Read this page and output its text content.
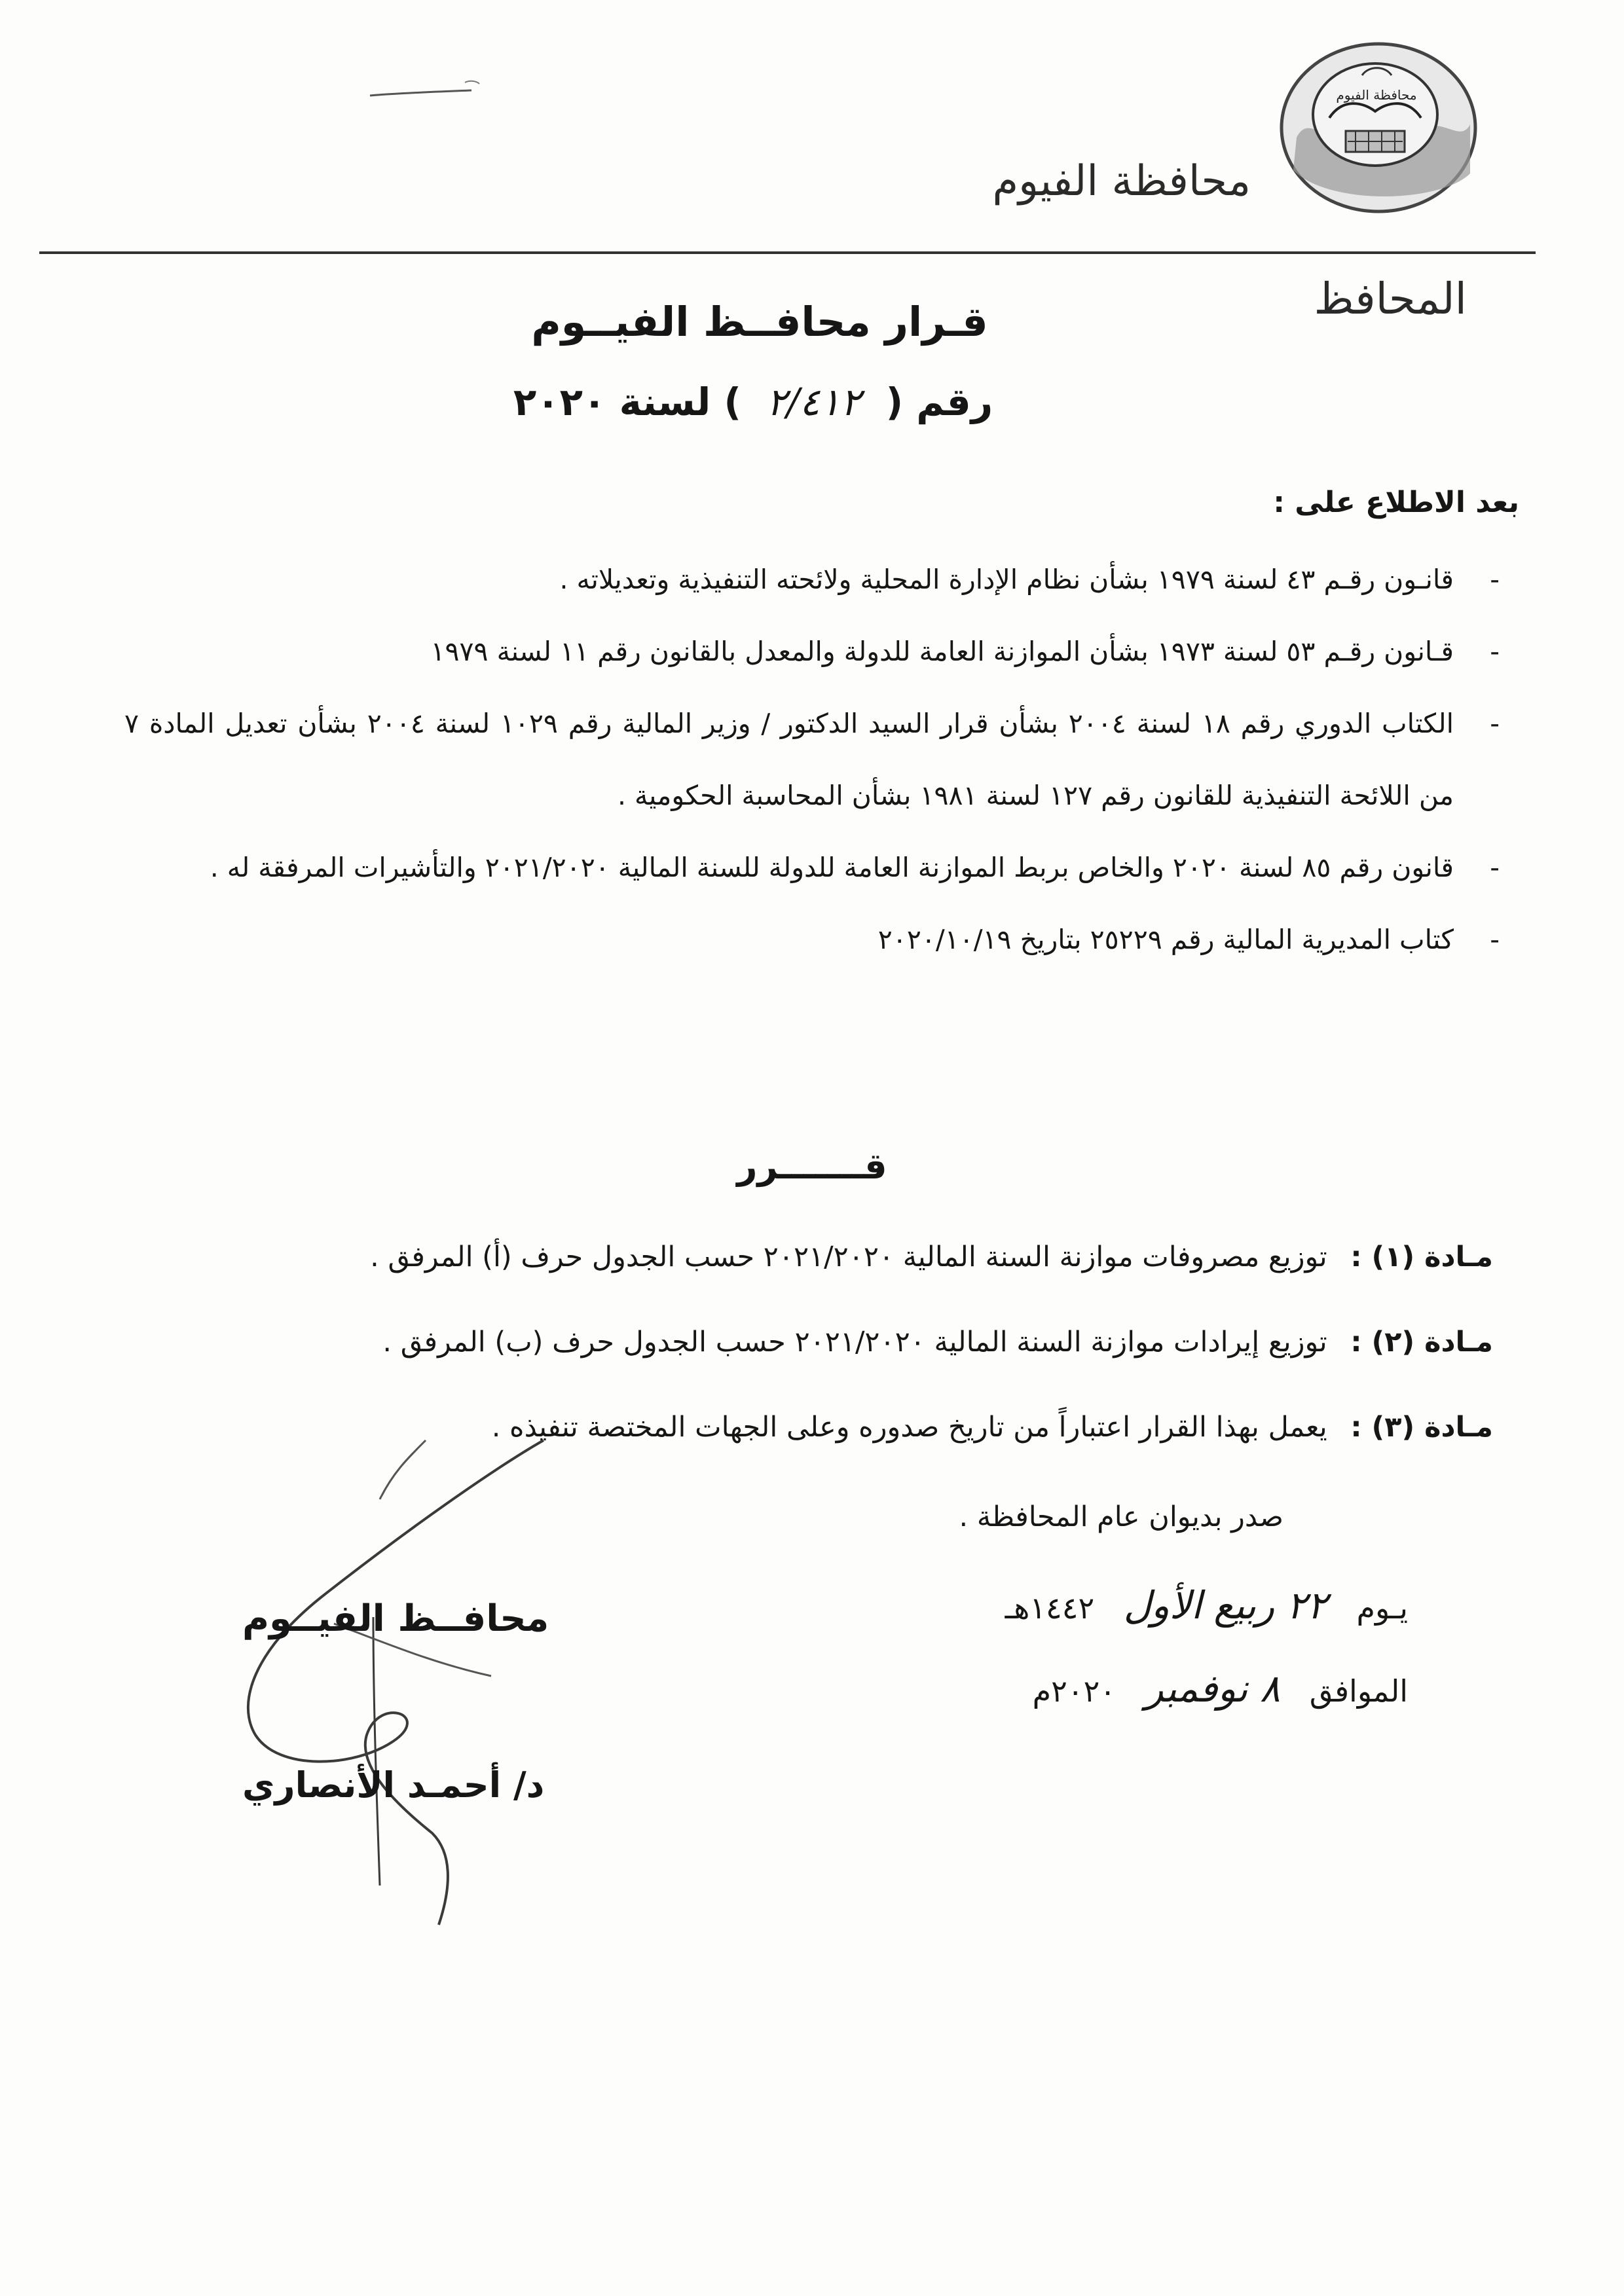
محافظة الفيوم
محافظة الفيوم
المحافظ
قـرار محافــظ الفيــوم
رقم ( ٢/٤١٢ ) لسنة ٢٠٢٠
بعد الاطلاع على :
-
قانـون رقـم ٤٣ لسنة ١٩٧٩ بشأن نظام الإدارة المحلية ولائحته التنفيذية وتعديلاته .
-
قـانون رقـم ٥٣ لسنة ١٩٧٣ بشأن الموازنة العامة للدولة والمعدل بالقانون رقم ١١ لسنة ١٩٧٩
-
الكتاب الدوري رقم ١٨ لسنة ٢٠٠٤ بشأن قرار السيد الدكتور / وزير المالية رقم ١٠٢٩ لسنة ٢٠٠٤ بشأن تعديل المادة ٧ من اللائحة التنفيذية للقانون رقم ١٢٧ لسنة ١٩٨١ بشأن المحاسبة الحكومية .
-
قانون رقم ٨٥ لسنة ٢٠٢٠ والخاص بربط الموازنة العامة للدولة للسنة المالية ٢٠٢١/٢٠٢٠ والتأشيرات المرفقة له .
-
كتاب المديرية المالية رقم ٢٥٢٢٩ بتاريخ ٢٠٢٠/١٠/١٩
قـــــــرر
مـادة (١) : توزيع مصروفات موازنة السنة المالية ٢٠٢١/٢٠٢٠ حسب الجدول حرف (أ) المرفق .
مـادة (٢) : توزيع إيرادات موازنة السنة المالية ٢٠٢١/٢٠٢٠ حسب الجدول حرف (ب) المرفق .
مـادة (٣) : يعمل بهذا القرار اعتباراً من تاريخ صدوره وعلى الجهات المختصة تنفيذه .
صدر بديوان عام المحافظة .
يـوم ٢٢ ربيع الأول ١٤٤٢هـ
الموافق ٨ نوفمبر ٢٠٢٠م
محافــظ الفيــوم
د/ أحمـد الأنصاري
